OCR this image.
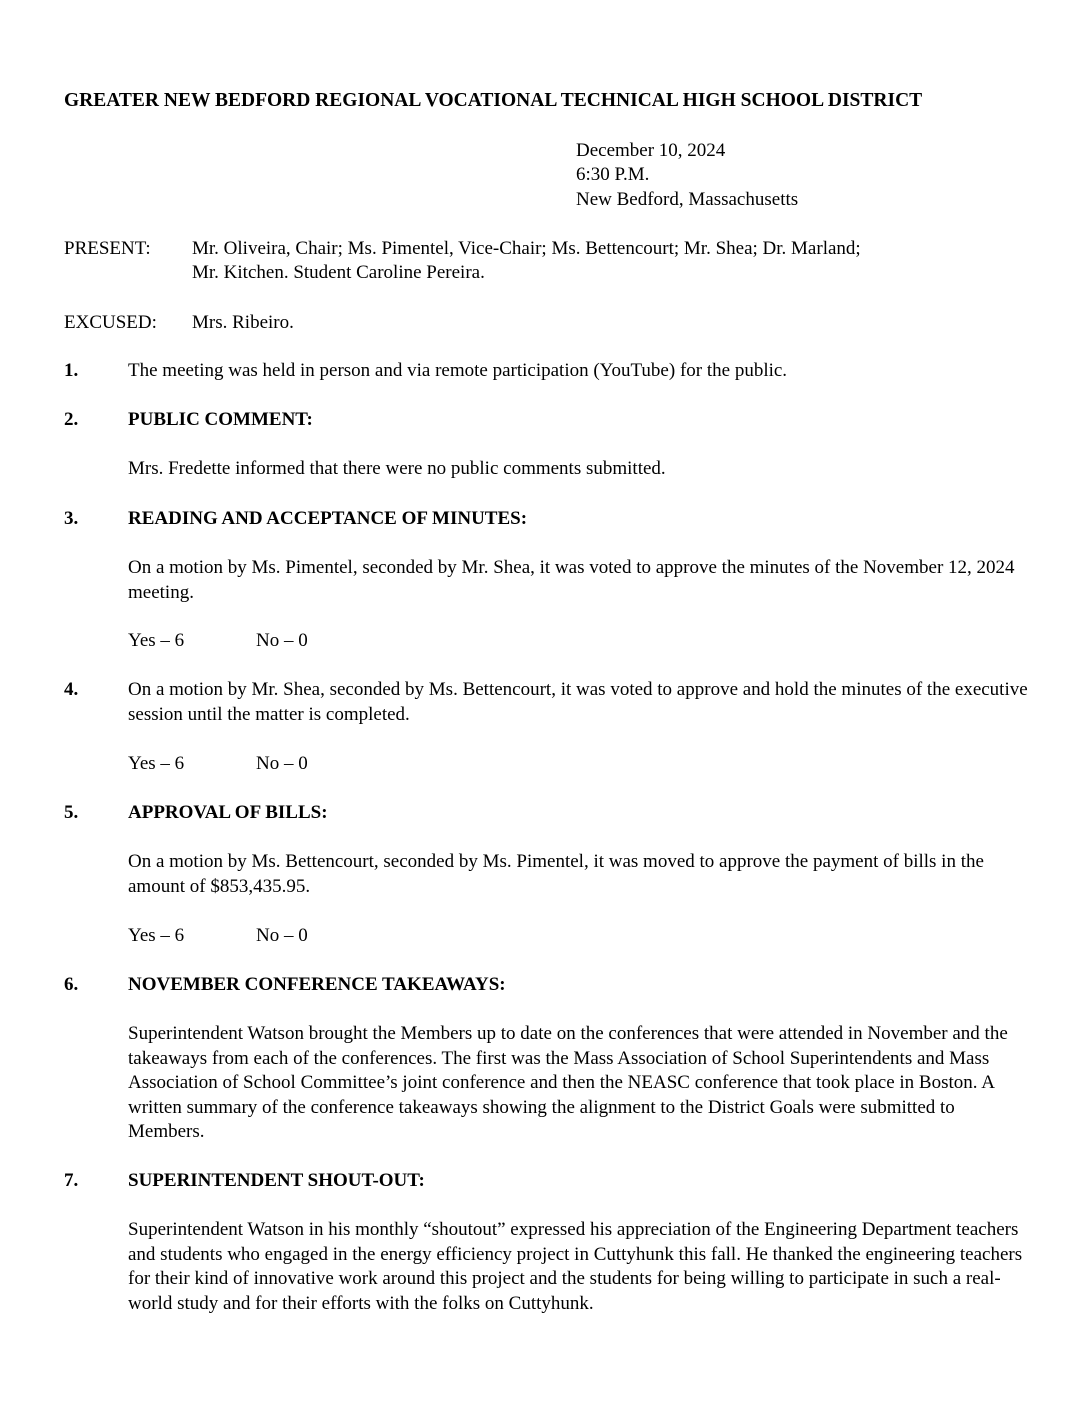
GREATER NEW BEDFORD REGIONAL VOCATIONAL TECHNICAL HIGH SCHOOL DISTRICT
December 10, 2024
6:30 P.M.
New Bedford, Massachusetts
PRESENT: Mr. Oliveira, Chair; Ms. Pimentel, Vice-Chair; Ms. Bettencourt; Mr. Shea; Dr. Marland;
Mr. Kitchen. Student Caroline Pereira.
EXCUSED: Mrs. Ribeiro.
1.	The meeting was held in person and via remote participation (YouTube) for the public.
2.	PUBLIC COMMENT:
Mrs. Fredette informed that there were no public comments submitted.
3.	READING AND ACCEPTANCE OF MINUTES:
On a motion by Ms. Pimentel, seconded by Mr. Shea, it was voted to approve the minutes of the November 12, 2024 meeting.
Yes – 6	No – 0
4.	On a motion by Mr. Shea, seconded by Ms. Bettencourt, it was voted to approve and hold the minutes of the executive session until the matter is completed.
Yes – 6	No – 0
5.	APPROVAL OF BILLS:
On a motion by Ms. Bettencourt, seconded by Ms. Pimentel, it was moved to approve the payment of bills in the amount of $853,435.95.
Yes – 6	No – 0
6.	NOVEMBER CONFERENCE TAKEAWAYS:
Superintendent Watson brought the Members up to date on the conferences that were attended in November and the takeaways from each of the conferences. The first was the Mass Association of School Superintendents and Mass Association of School Committee’s joint conference and then the NEASC conference that took place in Boston. A written summary of the conference takeaways showing the alignment to the District Goals were submitted to Members.
7.	SUPERINTENDENT SHOUT-OUT:
Superintendent Watson in his monthly “shoutout” expressed his appreciation of the Engineering Department teachers and students who engaged in the energy efficiency project in Cuttyhunk this fall. He thanked the engineering teachers for their kind of innovative work around this project and the students for being willing to participate in such a real-world study and for their efforts with the folks on Cuttyhunk.
